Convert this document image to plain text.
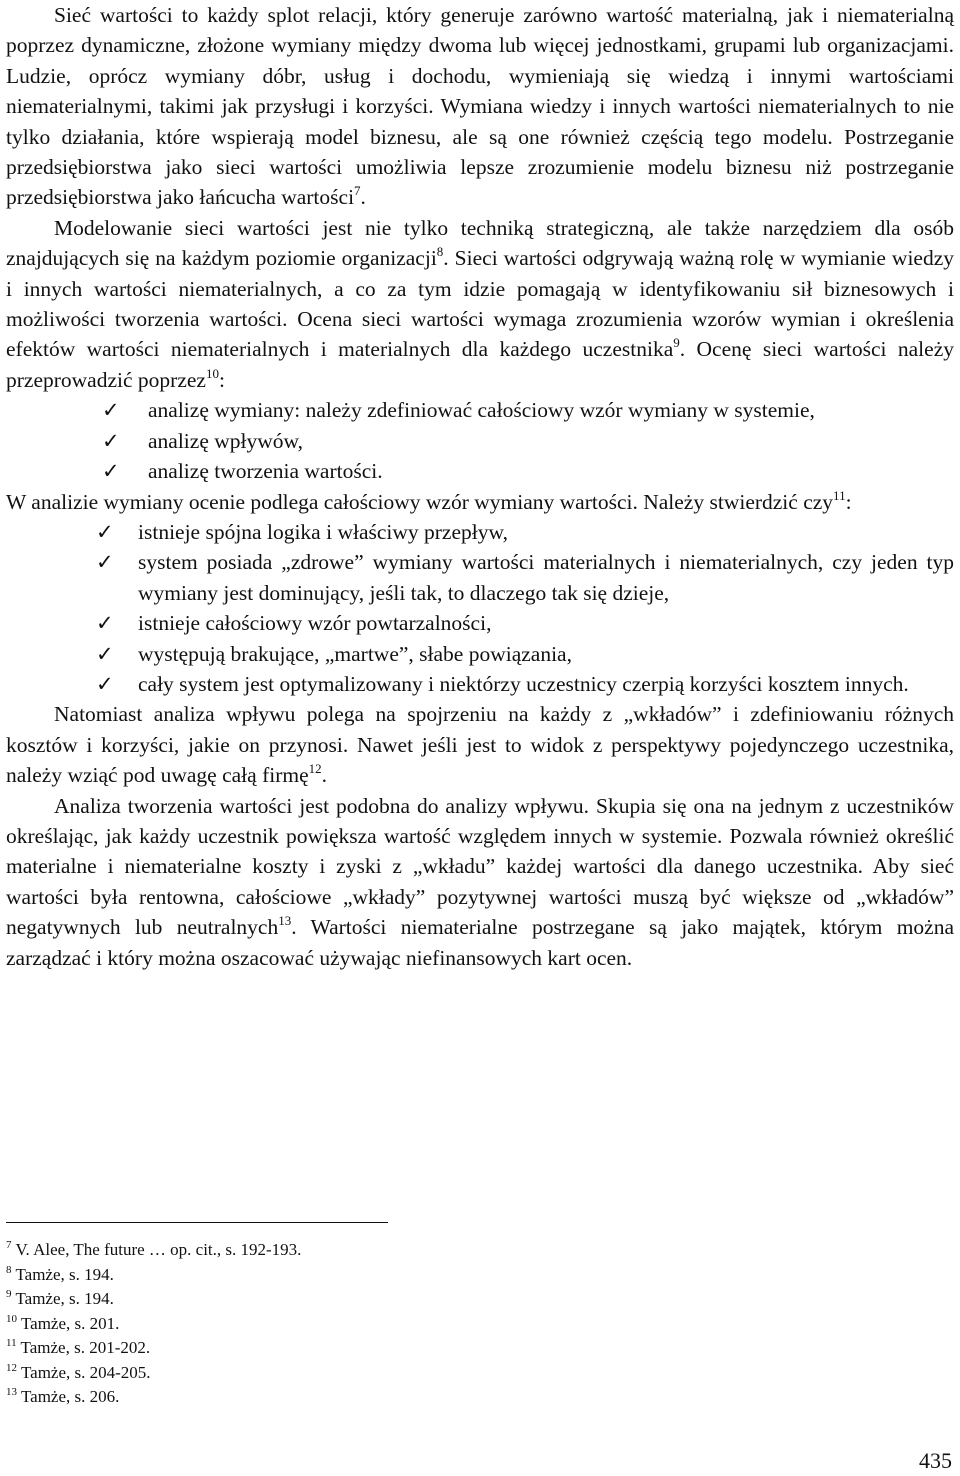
Sieć wartości to każdy splot relacji, który generuje zarówno wartość materialną, jak i niematerialną poprzez dynamiczne, złożone wymiany między dwoma lub więcej jednostkami, grupami lub organizacjami. Ludzie, oprócz wymiany dóbr, usług i dochodu, wymieniają się wiedzą i innymi wartościami niematerialnymi, takimi jak przysługi i korzyści. Wymiana wiedzy i innych wartości niematerialnych to nie tylko działania, które wspierają model biznesu, ale są one również częścią tego modelu. Postrzeganie przedsiębiorstwa jako sieci wartości umożliwia lepsze zrozumienie modelu biznesu niż postrzeganie przedsiębiorstwa jako łańcucha wartości$^7$.

Modelowanie sieci wartości jest nie tylko techniką strategiczną, ale także narzędziem dla osób znajdujących się na każdym poziomie organizacji$^8$. Sieci wartości odgrywają ważną rolę w wymianie wiedzy i innych wartości niematerialnych, a co za tym idzie pomagają w identyfikowaniu sił biznesowych i możliwości tworzenia wartości. Ocena sieci wartości wymaga zrozumienia wzorów wymian i określenia efektów wartości niematerialnych i materialnych dla każdego uczestnika$^9$. Ocenę sieci wartości należy przeprowadzić poprzez$^{10}$:

✓ analizę wymiany: należy zdefiniować całościowy wzór wymiany w systemie,
✓ analizę wpływów,
✓ analizę tworzenia wartości.

W analizie wymiany ocenie podlega całościowy wzór wymiany wartości. Należy stwierdzić czy$^{11}$:

✓ istnieje spójna logika i właściwy przepływ,
✓ system posiada „zdrowe” wymiany wartości materialnych i niematerialnych, czy jeden typ wymiany jest dominujący, jeśli tak, to dlaczego tak się dzieje,
✓ istnieje całościowy wzór powtarzalności,
✓ występują brakujące, „martwe”, słabe powiązania,
✓ cały system jest optymalizowany i niektórzy uczestnicy czerpią korzyści kosztem innych.

Natomiast analiza wpływu polega na spojrzeniu na każdy z „wkładów” i zdefiniowaniu różnych kosztów i korzyści, jakie on przynosi. Nawet jeśli jest to widok z perspektywy pojedynczego uczestnika, należy wziąć pod uwagę całą firmę$^{12}$.

Analiza tworzenia wartości jest podobna do analizy wpływu. Skupia się ona na jednym z uczestników określając, jak każdy uczestnik powiększa wartość względem innych w systemie. Pozwala również określić materialne i niematerialne koszty i zyski z „wkładu” każdej wartości dla danego uczestnika. Aby sieć wartości była rentowna, całościowe „wkłady” pozytywnej wartości muszą być większe od „wkładów” negatywnych lub neutralnych$^{13}$. Wartości niematerialne postrzegane są jako majątek, którym można zarządzać i który można oszacować używając niefinansowych kart ocen.

$^7$ V. Alee, The future … op. cit., s. 192-193.
$^8$ Tamże, s. 194.
$^9$ Tamże, s. 194.
$^{10}$ Tamże, s. 201.
$^{11}$ Tamże, s. 201-202.
$^{12}$ Tamże, s. 204-205.
$^{13}$ Tamże, s. 206.
435
